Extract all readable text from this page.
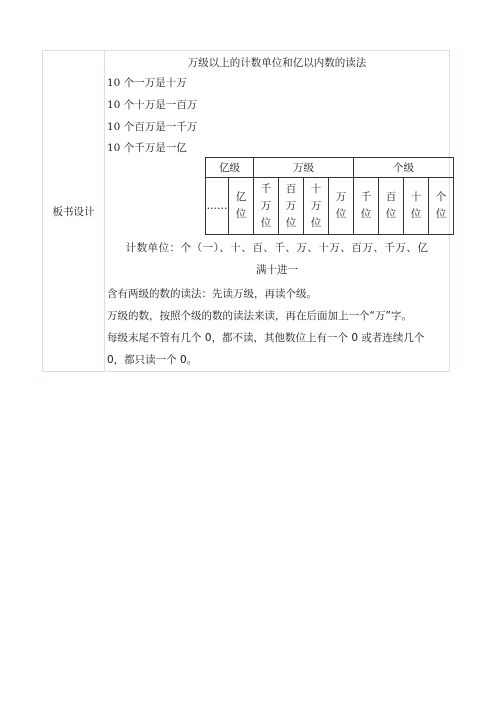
板书设计
万级以上的计数单位和亿以内数的读法
10 个一万是十万
10 个十万是一百万
10 个百万是一千万
10 个千万是一亿
亿级		万级				个级			
……	亿位	千万位	百万位	十万位	万位	千位	百位	十位	个位
计数单位：个（一）、十、百、千、万、十万、百万、千万、亿
满十进一
含有两级的数的读法：先读万级，再读个级。
万级的数，按照个级的数的读法来读，再在后面加上一个“万”字。
每级末尾不管有几个 0，都不读，其他数位上有一个 0 或者连续几个 0，都只读一个 0。
